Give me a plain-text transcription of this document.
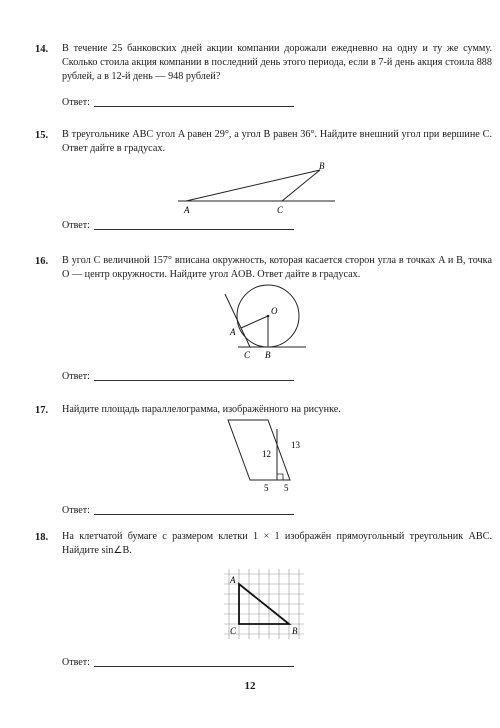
14. В течение 25 банковских дней акции компании дорожали ежедневно на одну и ту же сумму. Сколько стоила акция компании в последний день этого периода, если в 7-й день акция стоила 888 рублей, а в 12-й день — 948 рублей?
Ответ:
15. В треугольнике ABC угол A равен 29°, а угол B равен 36°. Найдите внешний угол при вершине C. Ответ дайте в градусах.
A
B
C
Ответ:
16. В угол C величиной 157° вписана окружность, которая касается сторон угла в точках A и B, точка O — центр окружности. Найдите угол AOB. Ответ дайте в градусах.
O
A
C B
Ответ:
17. Найдите площадь параллелограмма, изображённого на рисунке.
12
13
5 5
Ответ:
18. На клетчатой бумаге с размером клетки 1 × 1 изображён прямоугольный треугольник ABC. Найдите sin∠B.
A
C	B
Ответ:
12
